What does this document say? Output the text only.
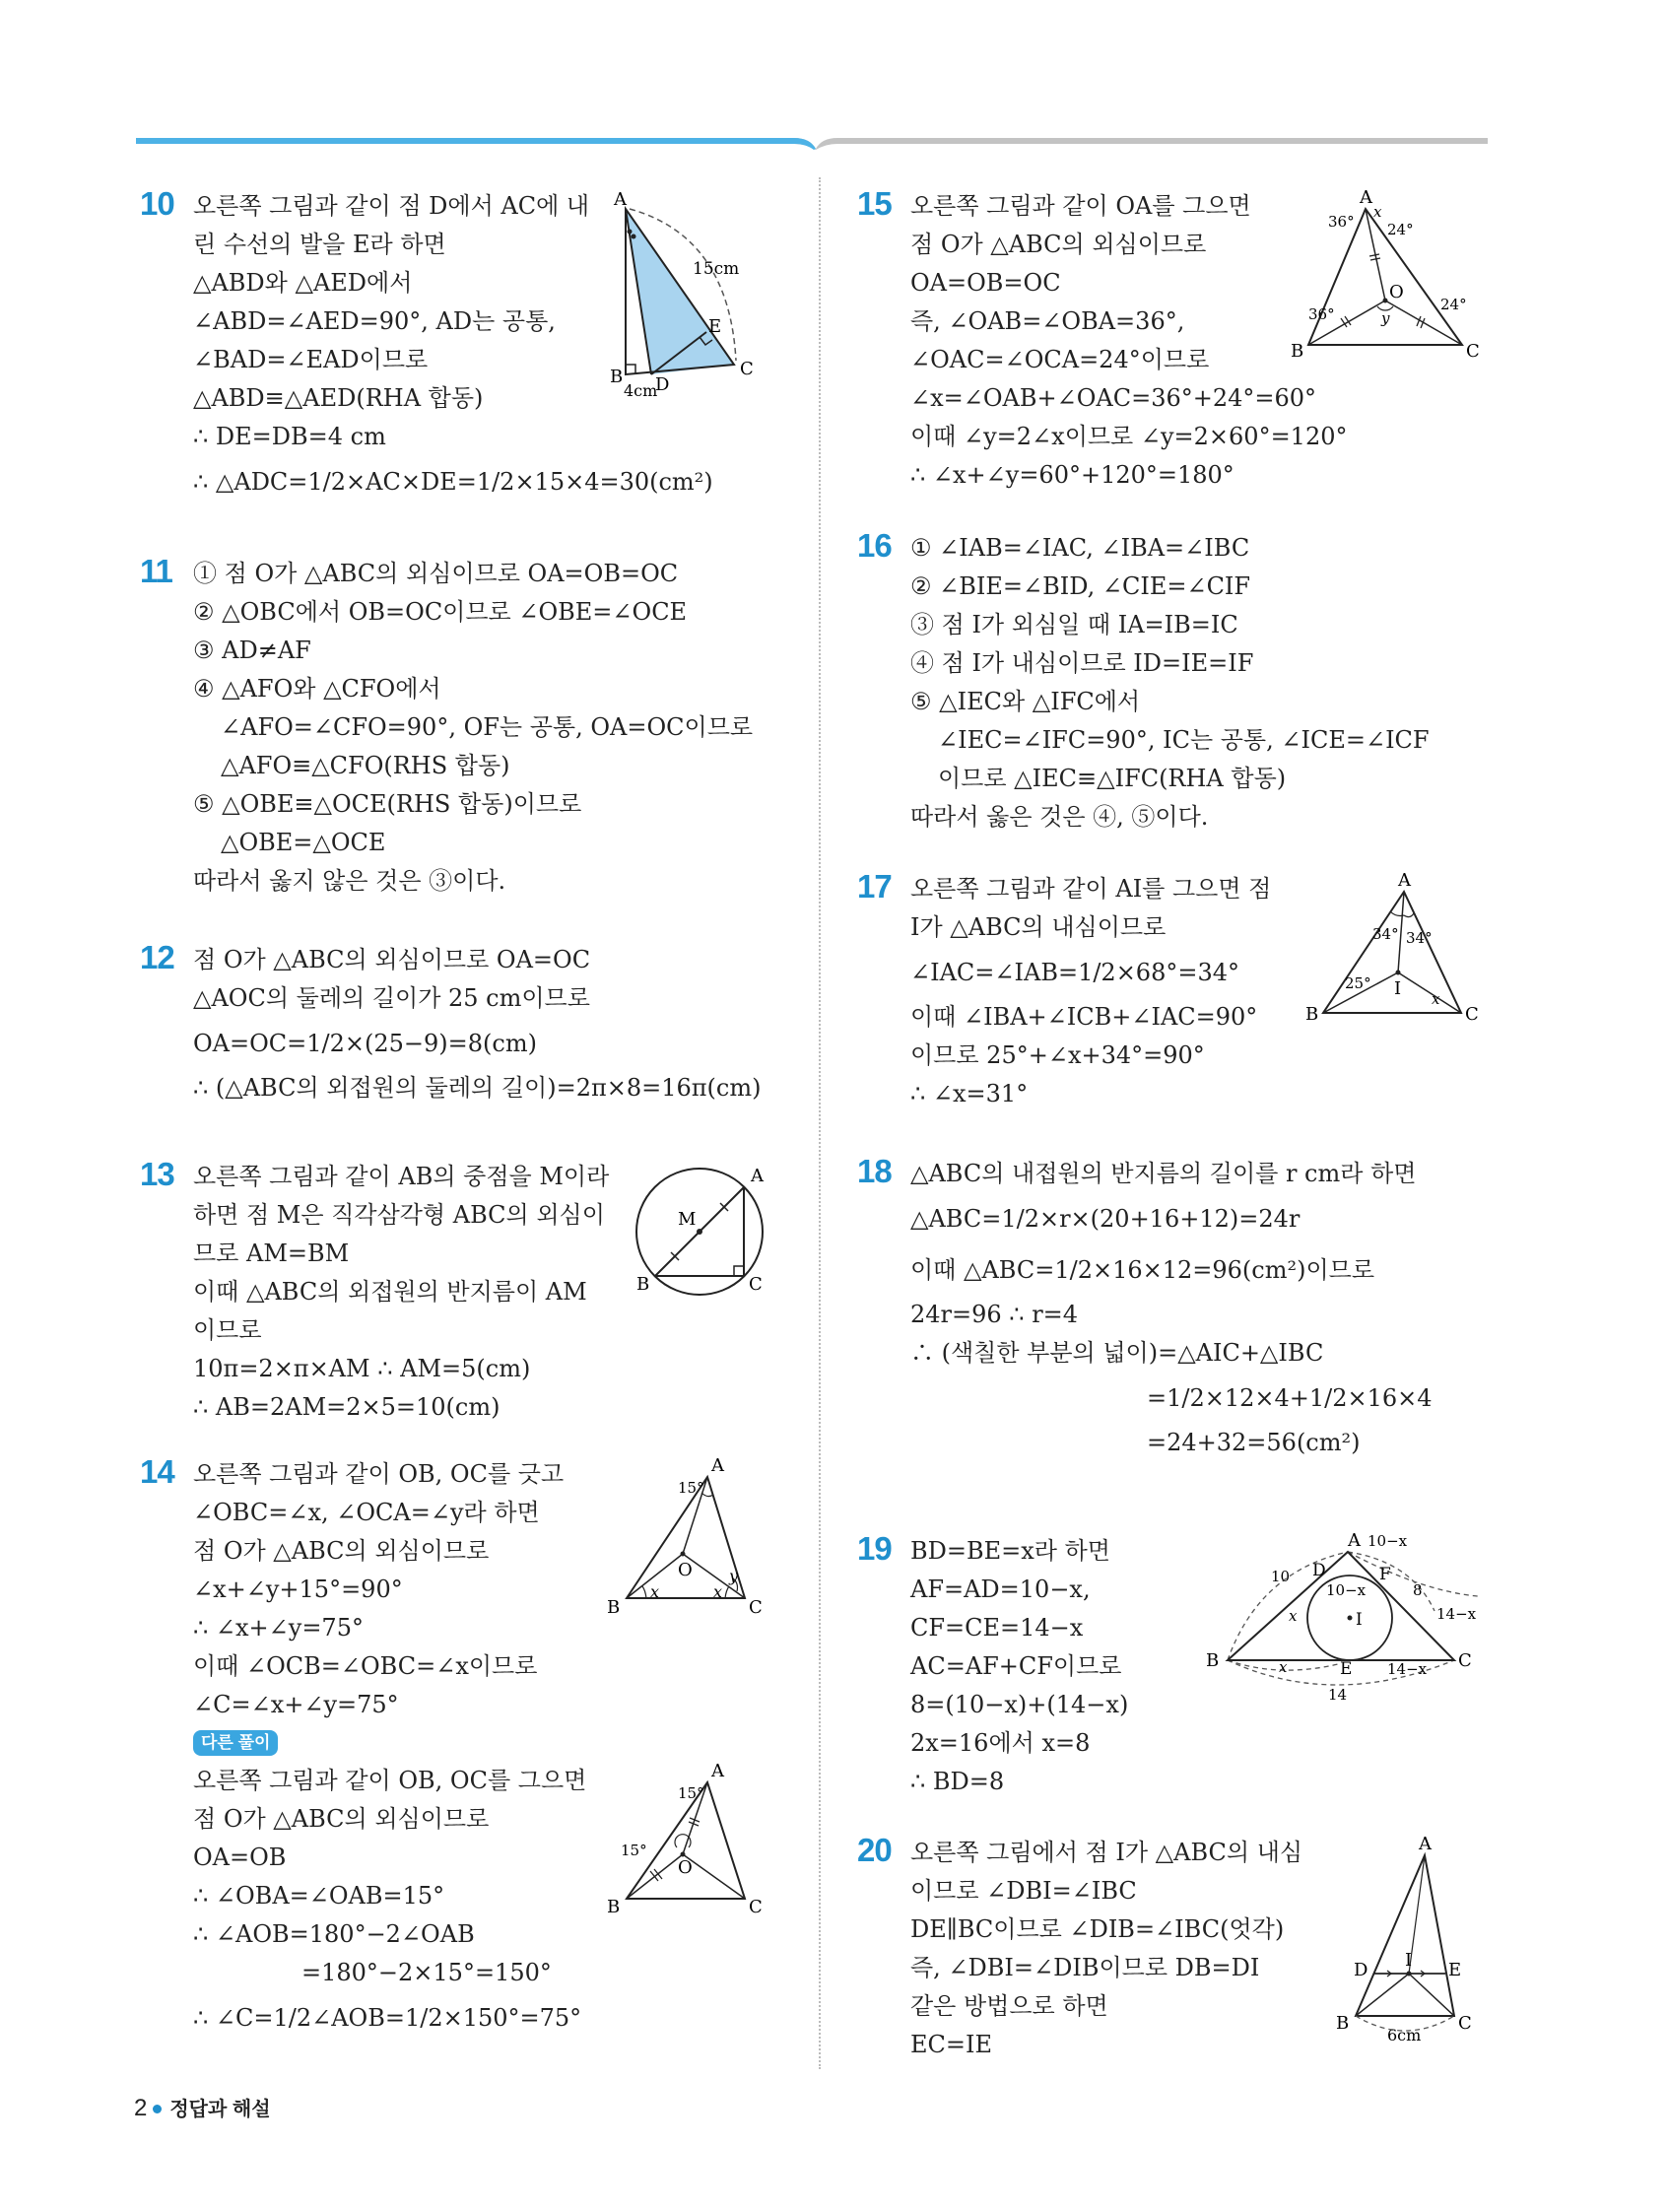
10 오른쪽 그림과 같이 점 D에서 AC에 내
린 수선의 발을 E라 하면
△ABD와 △AED에서
∠ABD=∠AED=90°, AD는 공통,
∠BAD=∠EAD이므로
△ABD≡△AED(RHA 합동)
∴ DE=DB=4 cm
∴ △ADC=1/2×AC×DE=1/2×15×4=30(cm²)
A
B	C
D
E
15cm
4cm
11 ① 점 O가 △ABC의 외심이므로 OA=OB=OC
② △OBC에서 OB=OC이므로 ∠OBE=∠OCE
③ AD≠AF
④ △AFO와 △CFO에서
∠AFO=∠CFO=90°, OF는 공통, OA=OC이므로
△AFO≡△CFO(RHS 합동)
⑤ △OBE≡△OCE(RHS 합동)이므로
△OBE=△OCE
따라서 옳지 않은 것은 ③이다.
12 점 O가 △ABC의 외심이므로 OA=OC
△AOC의 둘레의 길이가 25 cm이므로
OA=OC=1/2×(25−9)=8(cm)
∴ (△ABC의 외접원의 둘레의 길이)=2π×8=16π(cm)
13 오른쪽 그림과 같이 AB의 중점을 M이라
하면 점 M은 직각삼각형 ABC의 외심이
므로 AM=BM
이때 △ABC의 외접원의 반지름이 AM
이므로
10π=2×π×AM ∴ AM=5(cm)
∴ AB=2AM=2×5=10(cm)
A
B	C
M
14 오른쪽 그림과 같이 OB, OC를 긋고
∠OBC=∠x, ∠OCA=∠y라 하면
점 O가 △ABC의 외심이므로
∠x+∠y+15°=90°
∴ ∠x+∠y=75°
이때 ∠OCB=∠OBC=∠x이므로
∠C=∠x+∠y=75°
다른 풀이
오른쪽 그림과 같이 OB, OC를 그으면
점 O가 △ABC의 외심이므로
OA=OB
∴ ∠OBA=∠OAB=15°
∴ ∠AOB=180°−2∠OAB
=180°−2×15°=150°
∴ ∠C=1/2∠AOB=1/2×150°=75°
A
B	C
O
x	x
y
15°
A
B	C
O
15°
15°
15 오른쪽 그림과 같이 OA를 그으면
점 O가 △ABC의 외심이므로
OA=OB=OC
즉, ∠OAB=∠OBA=36°,
∠OAC=∠OCA=24°이므로
∠x=∠OAB+∠OAC=36°+24°=60°
이때 ∠y=2∠x이므로 ∠y=2×60°=120°
∴ ∠x+∠y=60°+120°=180°
A
B	C
O
x
y
36° 24°
36°
24°
16 ① ∠IAB=∠IAC, ∠IBA=∠IBC
② ∠BIE=∠BID, ∠CIE=∠CIF
③ 점 I가 외심일 때 IA=IB=IC
④ 점 I가 내심이므로 ID=IE=IF
⑤ △IEC와 △IFC에서
∠IEC=∠IFC=90°, IC는 공통, ∠ICE=∠ICF
이므로 △IEC≡△IFC(RHA 합동)
따라서 옳은 것은 ④, ⑤이다.
17 오른쪽 그림과 같이 AI를 그으면 점
I가 △ABC의 내심이므로
∠IAC=∠IAB=1/2×68°=34°
이때 ∠IBA+∠ICB+∠IAC=90°
이므로 25°+∠x+34°=90°
∴ ∠x=31°
A
B	C
I x
34° 34°
25°
18 △ABC의 내접원의 반지름의 길이를 r cm라 하면
△ABC=1/2×r×(20+16+12)=24r
이때 △ABC=1/2×16×12=96(cm²)이므로
24r=96 ∴ r=4
∴ (색칠한 부분의 넓이)=△AIC+△IBC
=1/2×12×4+1/2×16×4
=24+32=56(cm²)
19 BD=BE=x라 하면
AF=AD=10−x,
CF=CE=14−x
AC=AF+CF이므로
8=(10−x)+(14−x)
2x=16에서 x=8
∴ BD=8
A
B	C
D
E
F
I
10−x
10
10−x	8
14−x
x
x	14−x
14
20 오른쪽 그림에서 점 I가 △ABC의 내심
이므로 ∠DBI=∠IBC
DE∥BC이므로 ∠DIB=∠IBC(엇각)
즉, ∠DBI=∠DIB이므로 DB=DI
같은 방법으로 하면
EC=IE
A
B	C
D	E
I
6cm
2 정답과 해설
